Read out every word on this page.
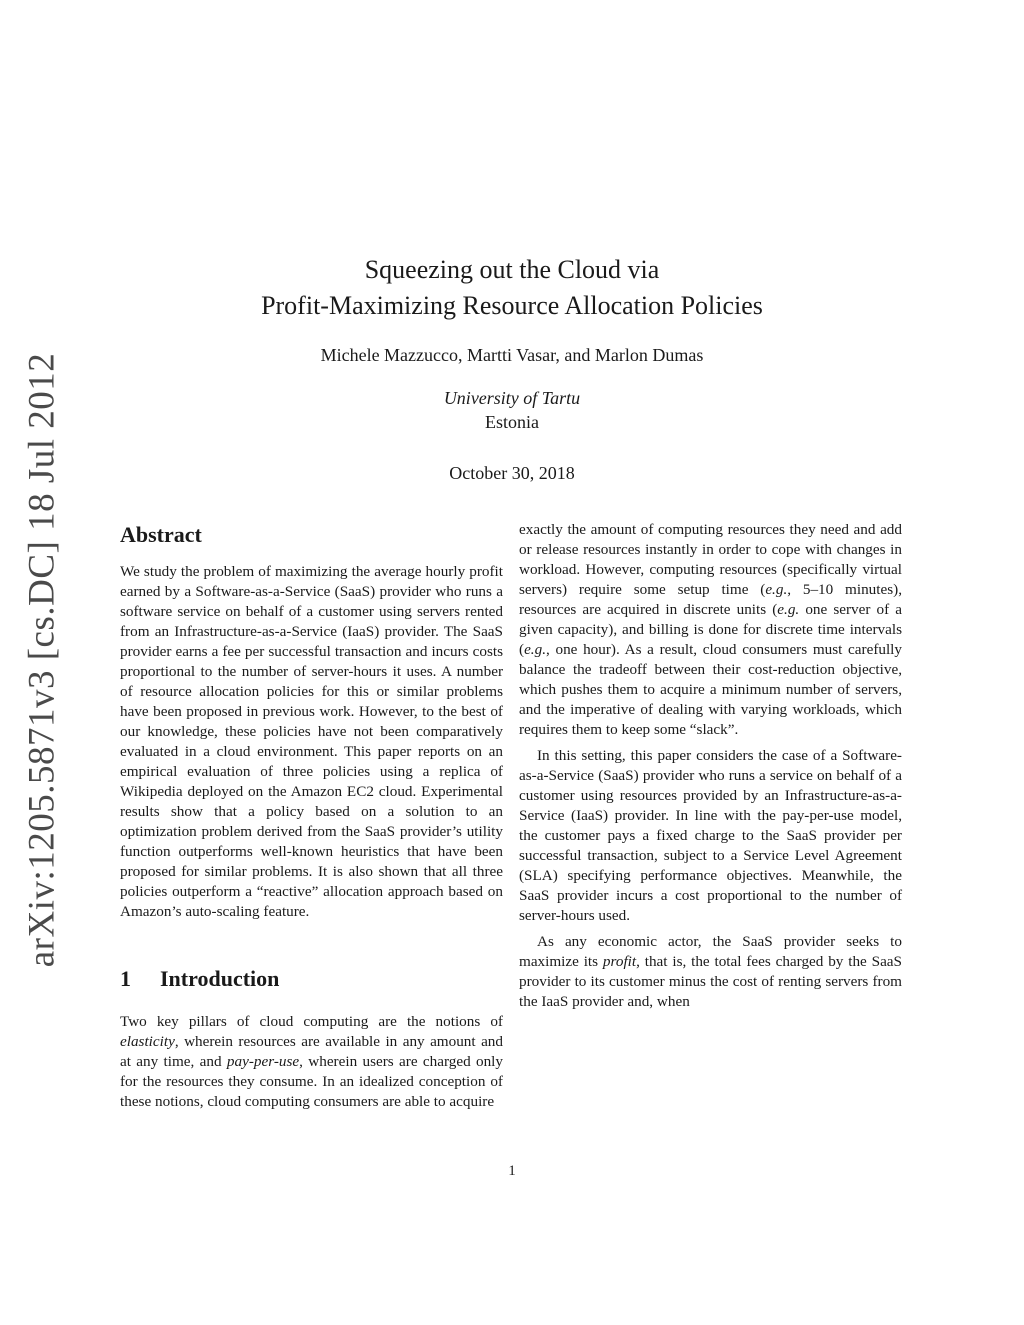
arXiv:1205.5871v3 [cs.DC] 18 Jul 2012
Squeezing out the Cloud via
Profit-Maximizing Resource Allocation Policies
Michele Mazzucco, Martti Vasar, and Marlon Dumas
University of Tartu
Estonia
October 30, 2018
Abstract

We study the problem of maximizing the average hourly profit earned by a Software-as-a-Service (SaaS) provider who runs a software service on behalf of a customer using servers rented from an Infrastructure-as-a-Service (IaaS) provider. The SaaS provider earns a fee per successful transaction and incurs costs proportional to the number of server-hours it uses. A number of resource allocation policies for this or similar problems have been proposed in previous work. However, to the best of our knowledge, these policies have not been comparatively evaluated in a cloud environment. This paper reports on an empirical evaluation of three policies using a replica of Wikipedia deployed on the Amazon EC2 cloud. Experimental results show that a policy based on a solution to an optimization problem derived from the SaaS provider’s utility function outperforms well-known heuristics that have been proposed for similar problems. It is also shown that all three policies outperform a “reactive” allocation approach based on Amazon’s auto-scaling feature.

1 Introduction

Two key pillars of cloud computing are the notions of elasticity, wherein resources are available in any amount and at any time, and pay-per-use, wherein users are charged only for the resources they consume. In an idealized conception of these notions, cloud computing consumers are able to acquire

1

exactly the amount of computing resources they need and add or release resources instantly in order to cope with changes in workload. However, computing resources (specifically virtual servers) require some setup time (e.g., 5–10 minutes), resources are acquired in discrete units (e.g. one server of a given capacity), and billing is done for discrete time intervals (e.g., one hour). As a result, cloud consumers must carefully balance the tradeoff between their cost-reduction objective, which pushes them to acquire a minimum number of servers, and the imperative of dealing with varying workloads, which requires them to keep some “slack”.

In this setting, this paper considers the case of a Software-as-a-Service (SaaS) provider who runs a service on behalf of a customer using resources provided by an Infrastructure-as-a-Service (IaaS) provider. In line with the pay-per-use model, the customer pays a fixed charge to the SaaS provider per successful transaction, subject to a Service Level Agreement (SLA) specifying performance objectives. Meanwhile, the SaaS provider incurs a cost proportional to the number of server-hours used.

As any economic actor, the SaaS provider seeks to maximize its profit, that is, the total fees charged by the SaaS provider to its customer minus the cost of renting servers from the IaaS provider and, when
